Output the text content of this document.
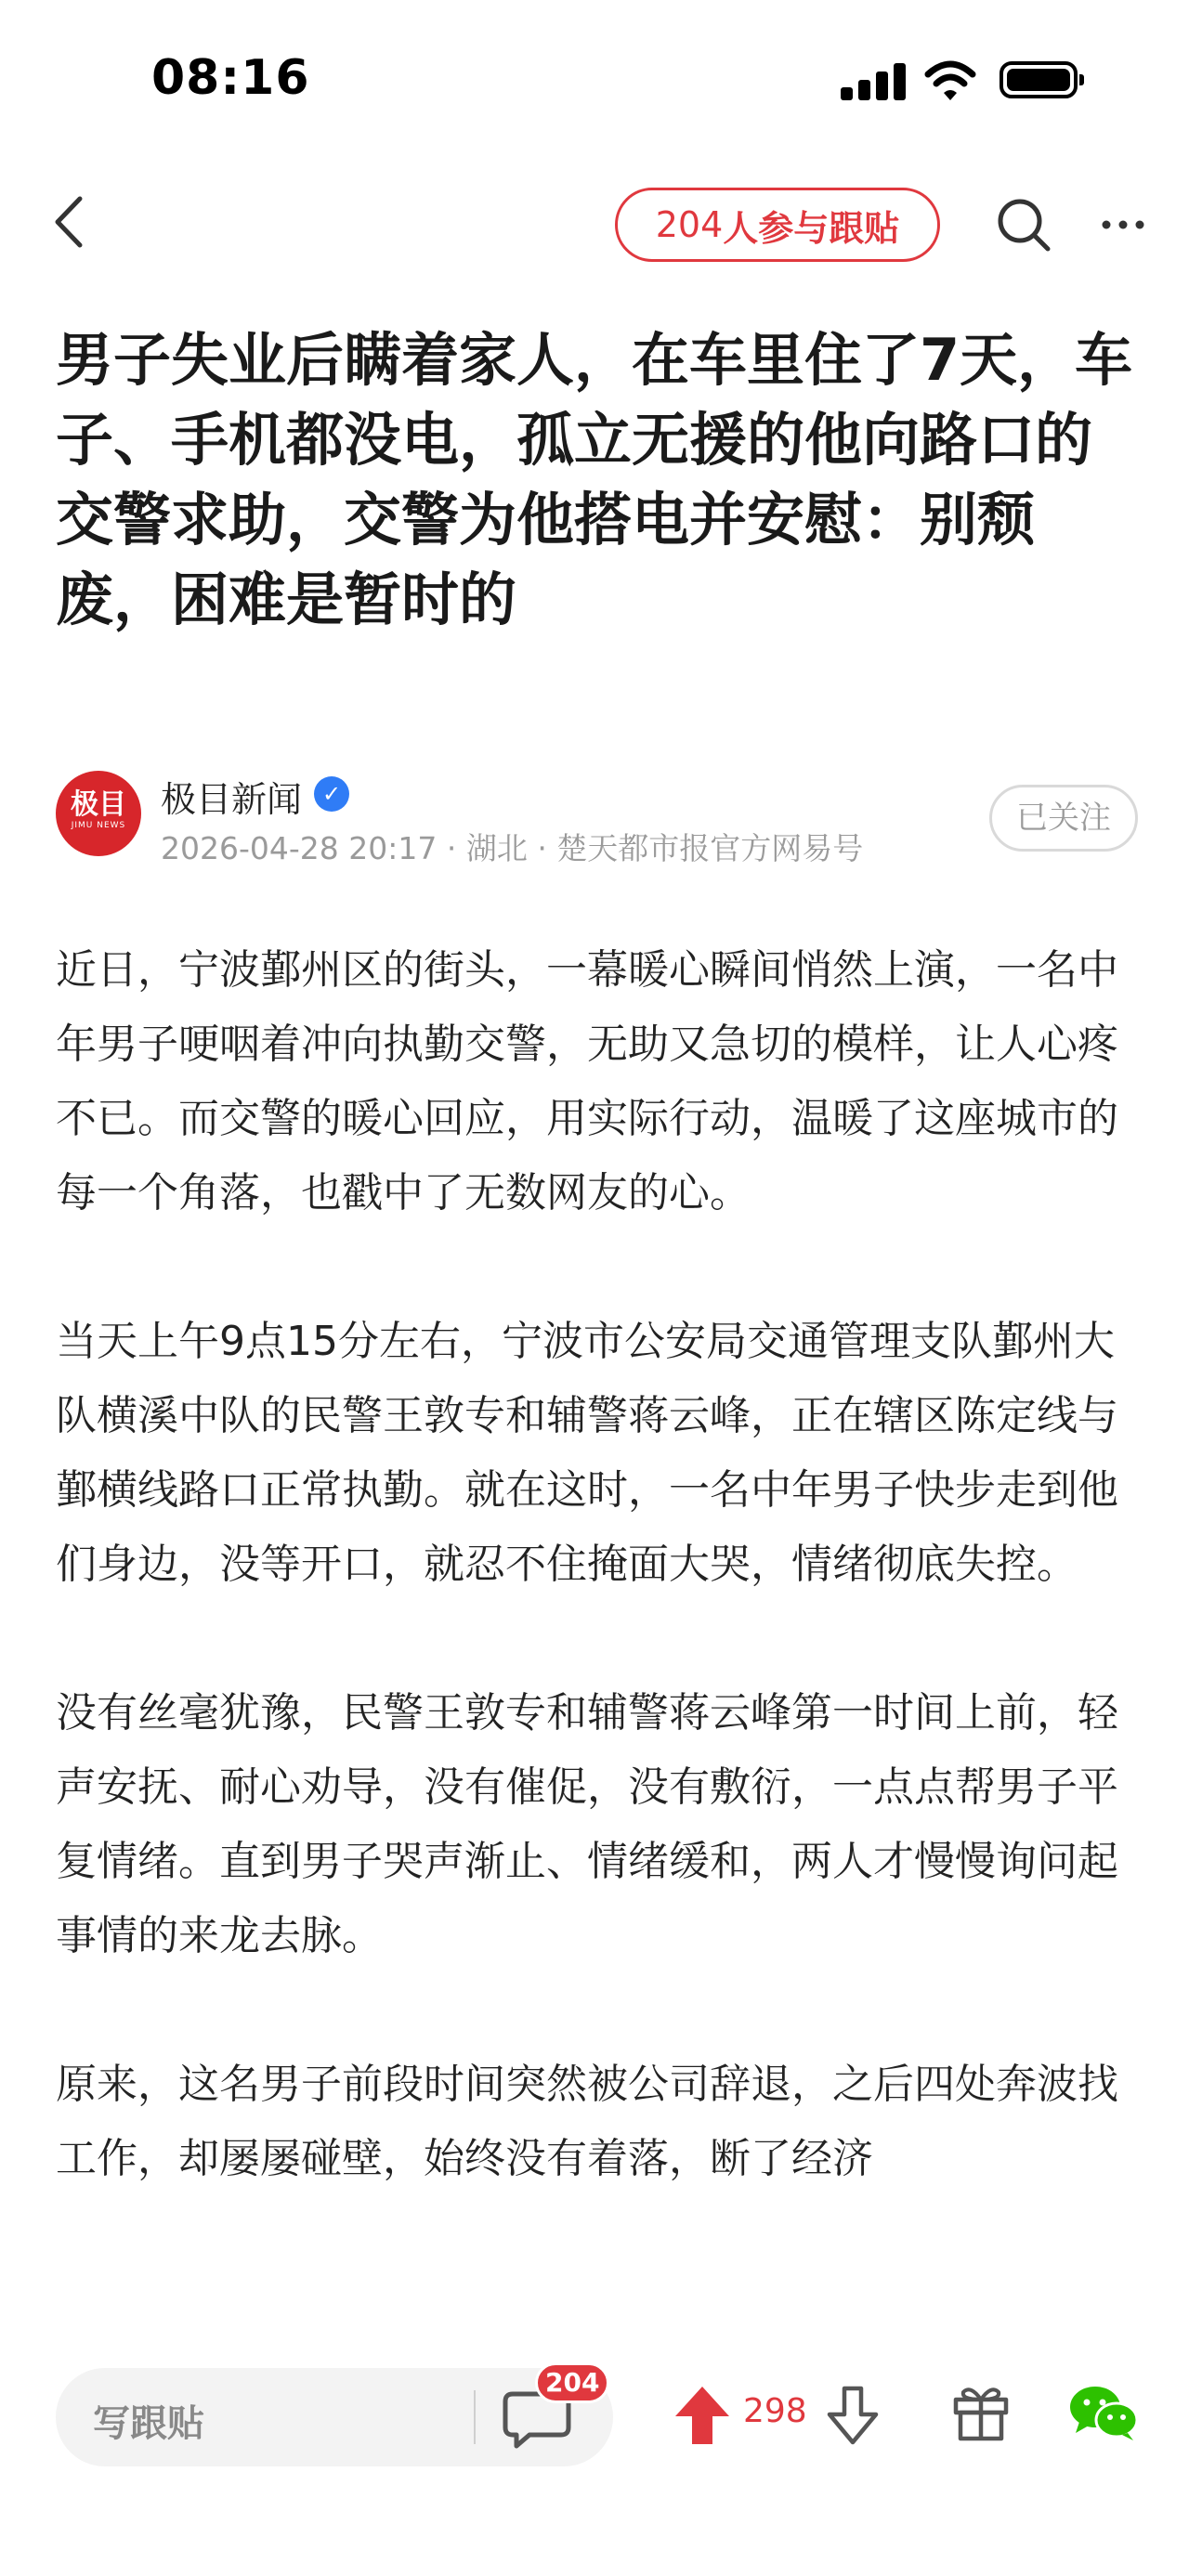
08:16
204 人参与跟贴
男子失业后瞒着家人，在车里住了7天，车子、手机都没电，孤立无援的他向路口的交警求助，交警为他搭电并安慰：别颓废，困难是暂时的
极目
JIMU NEWS
极目新闻 ✓
2026-04-28 20:17 · 湖北 · 楚天都市报官方网易号
已关注

近日，宁波鄞州区的街头，一幕暖心瞬间悄然上演，一名中年男子哽咽着冲向执勤交警，无助又急切的模样，让人心疼不已。而交警的暖心回应，用实际行动，温暖了这座城市的每一个角落，也戳中了无数网友的心。

当天上午9点15分左右，宁波市公安局交通管理支队鄞州大队横溪中队的民警王敦专和辅警蒋云峰，正在辖区陈定线与鄞横线路口正常执勤。就在这时，一名中年男子快步走到他们身边，没等开口，就忍不住掩面大哭，情绪彻底失控。

没有丝毫犹豫，民警王敦专和辅警蒋云峰第一时间上前，轻声安抚、耐心劝导，没有催促，没有敷衍，一点点帮男子平复情绪。直到男子哭声渐止、情绪缓和，两人才慢慢询问起事情的来龙去脉。

原来，这名男子前段时间突然被公司辞退，之后四处奔波找工作，却屡屡碰壁，始终没有着落，断了经济

写跟贴
204
298
